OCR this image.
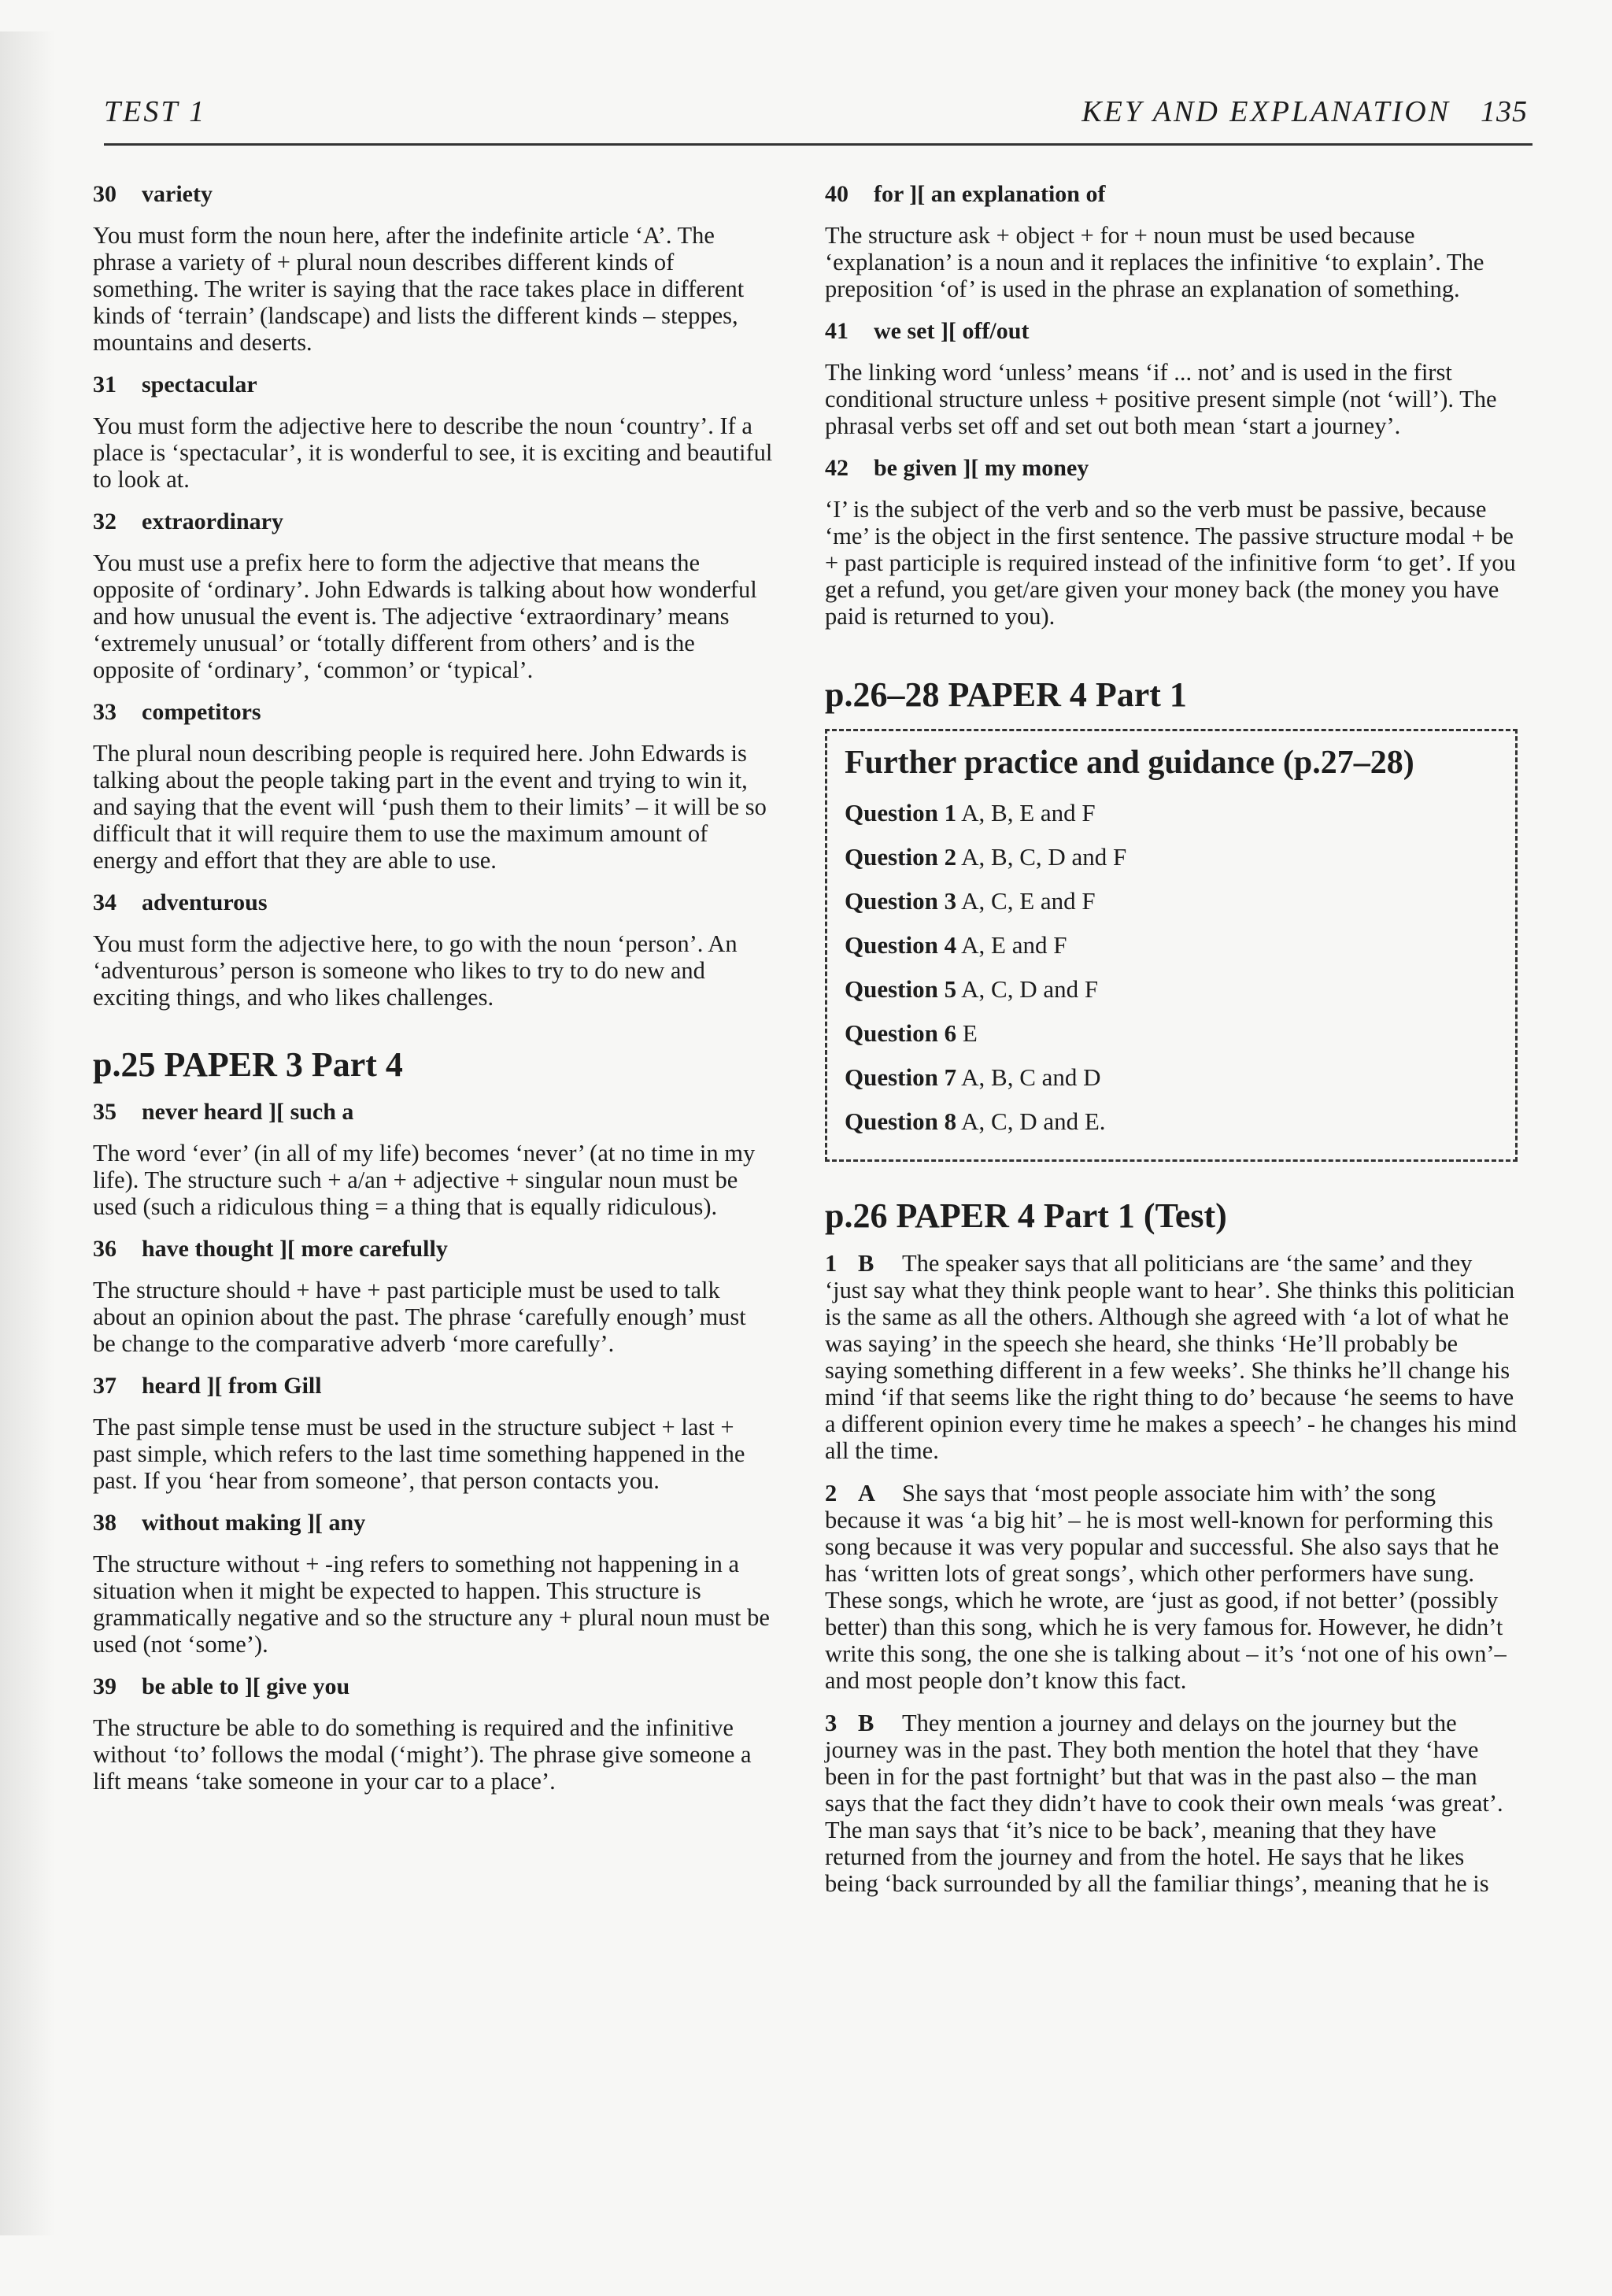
TEST 1	KEY AND EXPLANATION 135
30 variety

You must form the noun here, after the indefinite article ‘A’. The phrase a variety of + plural noun describes different kinds of something. The writer is saying that the race takes place in different kinds of ‘terrain’ (landscape) and lists the different kinds – steppes, mountains and deserts.

31 spectacular

You must form the adjective here to describe the noun ‘country’. If a place is ‘spectacular’, it is wonderful to see, it is exciting and beautiful to look at.

32 extraordinary

You must use a prefix here to form the adjective that means the opposite of ‘ordinary’. John Edwards is talking about how wonderful and how unusual the event is. The adjective ‘extraordinary’ means ‘extremely unusual’ or ‘totally different from others’ and is the opposite of ‘ordinary’, ‘common’ or ‘typical’.

33 competitors

The plural noun describing people is required here. John Edwards is talking about the people taking part in the event and trying to win it, and saying that the event will ‘push them to their limits’ – it will be so difficult that it will require them to use the maximum amount of energy and effort that they are able to use.

34 adventurous

You must form the adjective here, to go with the noun ‘person’. An ‘adventurous’ person is someone who likes to try to do new and exciting things, and who likes challenges.

p.25 PAPER 3 Part 4
35 never heard ][ such a

The word ‘ever’ (in all of my life) becomes ‘never’ (at no time in my life). The structure such + a/an + adjective + singular noun must be used (such a ridiculous thing = a thing that is equally ridiculous).

36 have thought ][ more carefully

The structure should + have + past participle must be used to talk about an opinion about the past. The phrase ‘carefully enough’ must be change to the comparative adverb ‘more carefully’.

37 heard ][ from Gill

The past simple tense must be used in the structure subject + last + past simple, which refers to the last time something happened in the past. If you ‘hear from someone’, that person contacts you.

38 without making ][ any

The structure without + -ing refers to something not happening in a situation when it might be expected to happen. This structure is grammatically negative and so the structure any + plural noun must be used (not ‘some’).

39 be able to ][ give you

The structure be able to do something is required and the infinitive without ‘to’ follows the modal (‘might’). The phrase give someone a lift means ‘take someone in your car to a place’.

40 for ][ an explanation of

The structure ask + object + for + noun must be used because ‘explanation’ is a noun and it replaces the infinitive ‘to explain’. The preposition ‘of’ is used in the phrase an explanation of something.

41 we set ][ off/out

The linking word ‘unless’ means ‘if ... not’ and is used in the first conditional structure unless + positive present simple (not ‘will’). The phrasal verbs set off and set out both mean ‘start a journey’.

42 be given ][ my money

‘I’ is the subject of the verb and so the verb must be passive, because ‘me’ is the object in the first sentence. The passive structure modal + be + past participle is required instead of the infinitive form ‘to get’. If you get a refund, you get/are given your money back (the money you have paid is returned to you).

p.26–28 PAPER 4 Part 1
Further practice and guidance (p.27–28)
Question 1 A, B, E and F
Question 2 A, B, C, D and F
Question 3 A, C, E and F
Question 4 A, E and F
Question 5 A, C, D and F
Question 6 E
Question 7 A, B, C and D
Question 8 A, C, D and E.
p.26 PAPER 4 Part 1 (Test)
1 B The speaker says that all politicians are ‘the same’ and they ‘just say what they think people want to hear’. She thinks this politician is the same as all the others. Although she agreed with ‘a lot of what he was saying’ in the speech she heard, she thinks ‘He’ll probably be saying something different in a few weeks’. She thinks he’ll change his mind ‘if that seems like the right thing to do’ because ‘he seems to have a different opinion every time he makes a speech’ - he changes his mind all the time.
2 A She says that ‘most people associate him with’ the song because it was ‘a big hit’ – he is most well-known for performing this song because it was very popular and successful. She also says that he has ‘written lots of great songs’, which other performers have sung. These songs, which he wrote, are ‘just as good, if not better’ (possibly better) than this song, which he is very famous for. However, he didn’t write this song, the one she is talking about – it’s ‘not one of his own’– and most people don’t know this fact.
3 B They mention a journey and delays on the journey but the journey was in the past. They both mention the hotel that they ‘have been in for the past fortnight’ but that was in the past also – the man says that the fact they didn’t have to cook their own meals ‘was great’. The man says that ‘it’s nice to be back’, meaning that they have returned from the journey and from the hotel. He says that he likes being ‘back surrounded by all the familiar things’, meaning that he is
